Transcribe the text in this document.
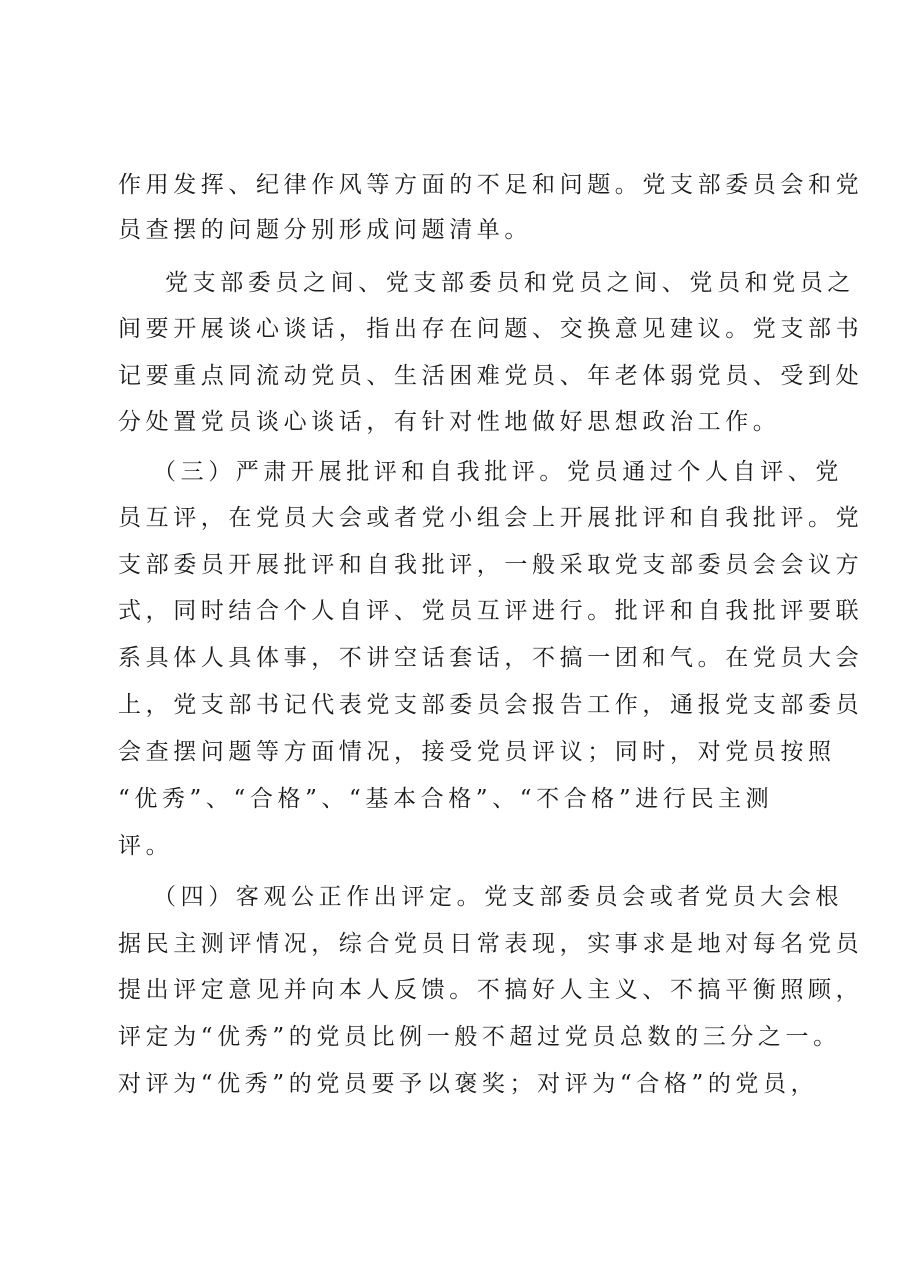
作用发挥、纪律作风等方面的不足和问题。党支部委员会和党
员查摆的问题分别形成问题清单。
党支部委员之间、党支部委员和党员之间、党员和党员之
间要开展谈心谈话，指出存在问题、交换意见建议。党支部书
记要重点同流动党员、生活困难党员、年老体弱党员、受到处
分处置党员谈心谈话，有针对性地做好思想政治工作。
（三）严肃开展批评和自我批评。党员通过个人自评、党
员互评，在党员大会或者党小组会上开展批评和自我批评。党
支部委员开展批评和自我批评，一般采取党支部委员会会议方
式，同时结合个人自评、党员互评进行。批评和自我批评要联
系具体人具体事，不讲空话套话，不搞一团和气。在党员大会
上，党支部书记代表党支部委员会报告工作，通报党支部委员
会查摆问题等方面情况，接受党员评议；同时，对党员按照
“优秀”、“合格”、“基本合格”、“不合格”进行民主测
评。
（四）客观公正作出评定。党支部委员会或者党员大会根
据民主测评情况，综合党员日常表现，实事求是地对每名党员
提出评定意见并向本人反馈。不搞好人主义、不搞平衡照顾，
评定为“优秀”的党员比例一般不超过党员总数的三分之一。
对评为“优秀”的党员要予以褒奖；对评为“合格”的党员，
